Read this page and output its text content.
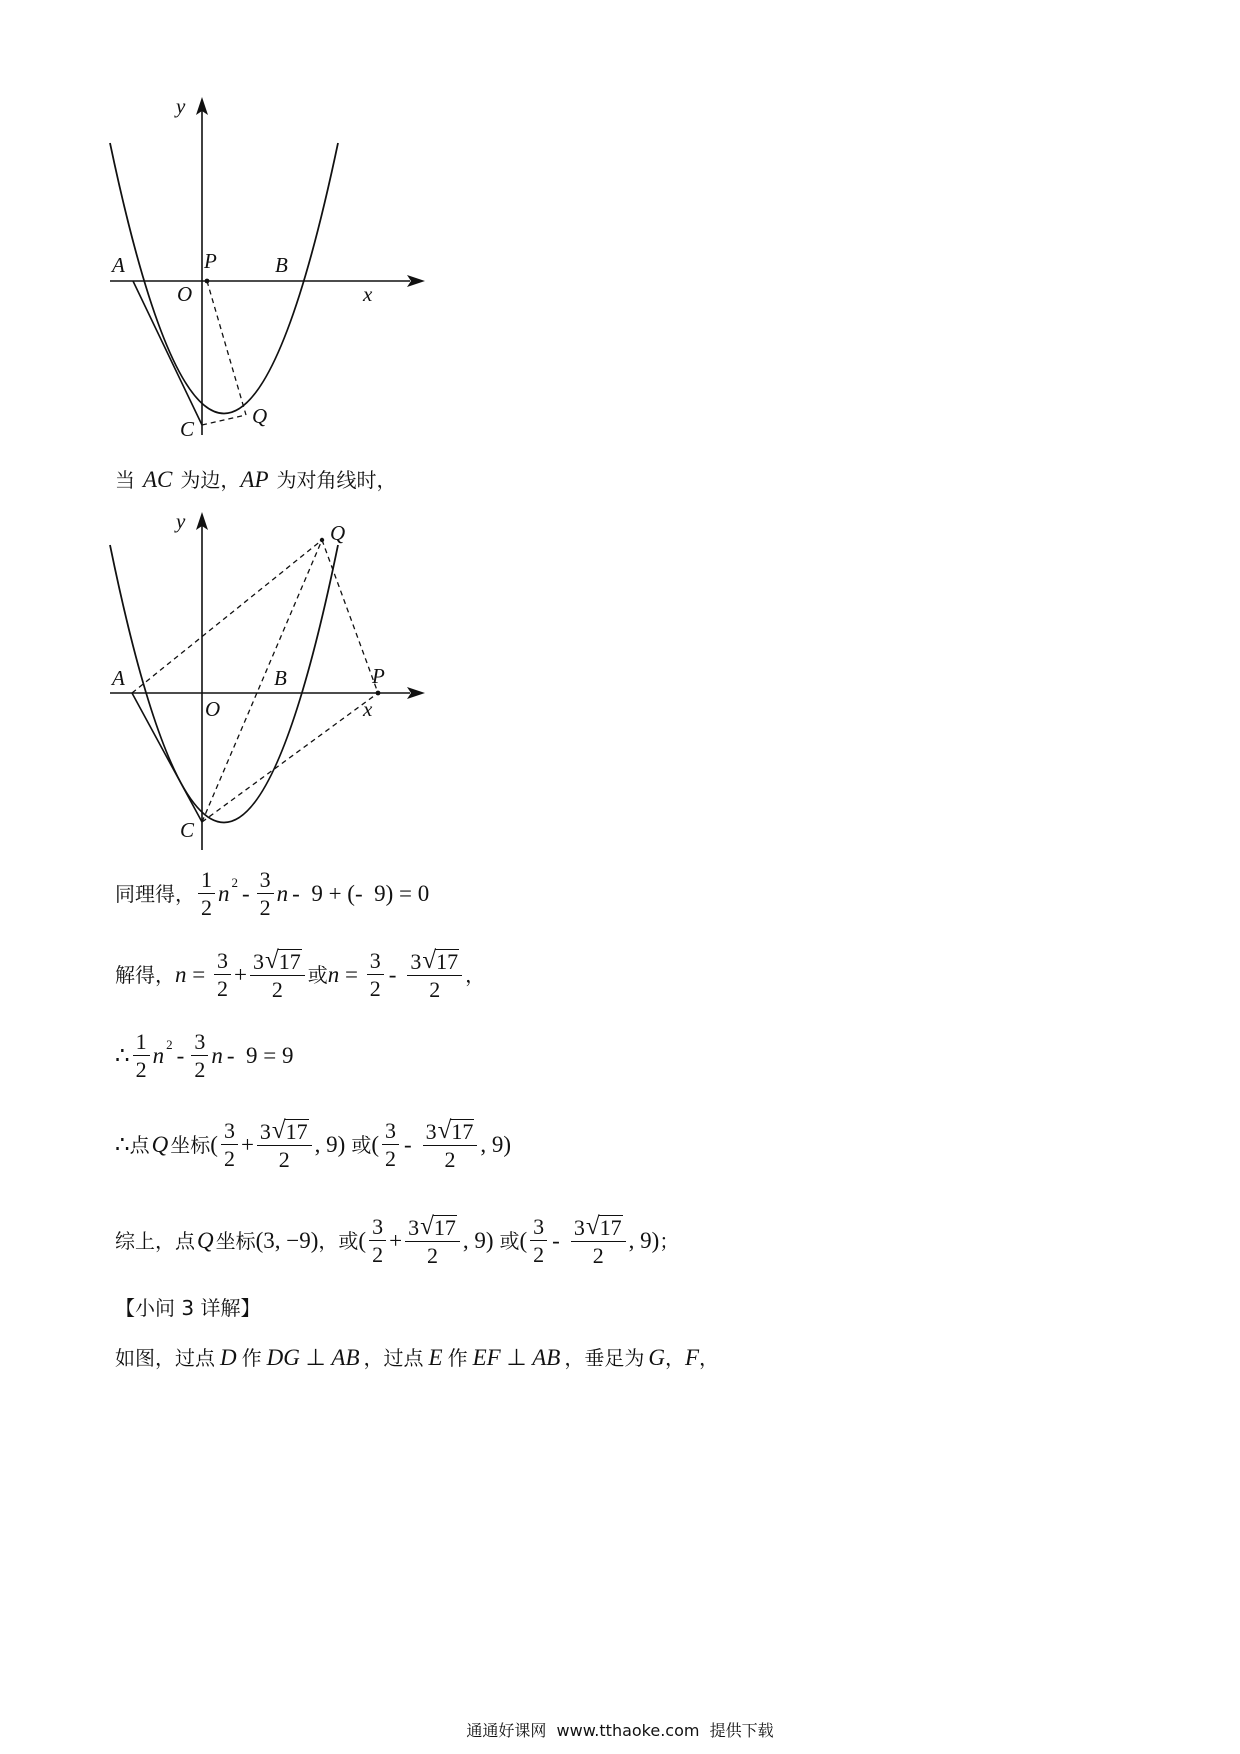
y
x
A	P	B
O
C
Q
当 AC 为边， AP 为对角线时，
y
x
A	P
B
O
C
Q
同理得， $\frac{1}{2}$ n $2 - \frac{3}{2}$ n -  9 + (-  9) = 0
解得， $n = \frac{3}{2} + \frac{3 √ 17}{2}$ 或 $n = \frac{3}{2} - \frac{3 √ 17}{2}$ ，
∴ $\frac{1}{2}$ n $2 - \frac{3}{2}$ n -  9 = 9
∴ 点 Q 坐标 ( $\frac{3}{2} + \frac{3 √ 17}{2}$ , 9) 或 ( $\frac{3}{2} - \frac{3 √ 17}{2}$ , 9)
综上，点 Q 坐标 (3, −9) ，或 ( $\frac{3}{2} + \frac{3 √ 17}{2}$ , 9) 或 ( $\frac{3}{2} - \frac{3 √ 17}{2}$ , 9) ；
【小问 3 详解】
如图，过点 D 作 DG ⊥ AB ，过点 E 作 EF ⊥ AB ，垂足为 G ， F ，
通通好课网  www.tthaoke.com  提供下载
